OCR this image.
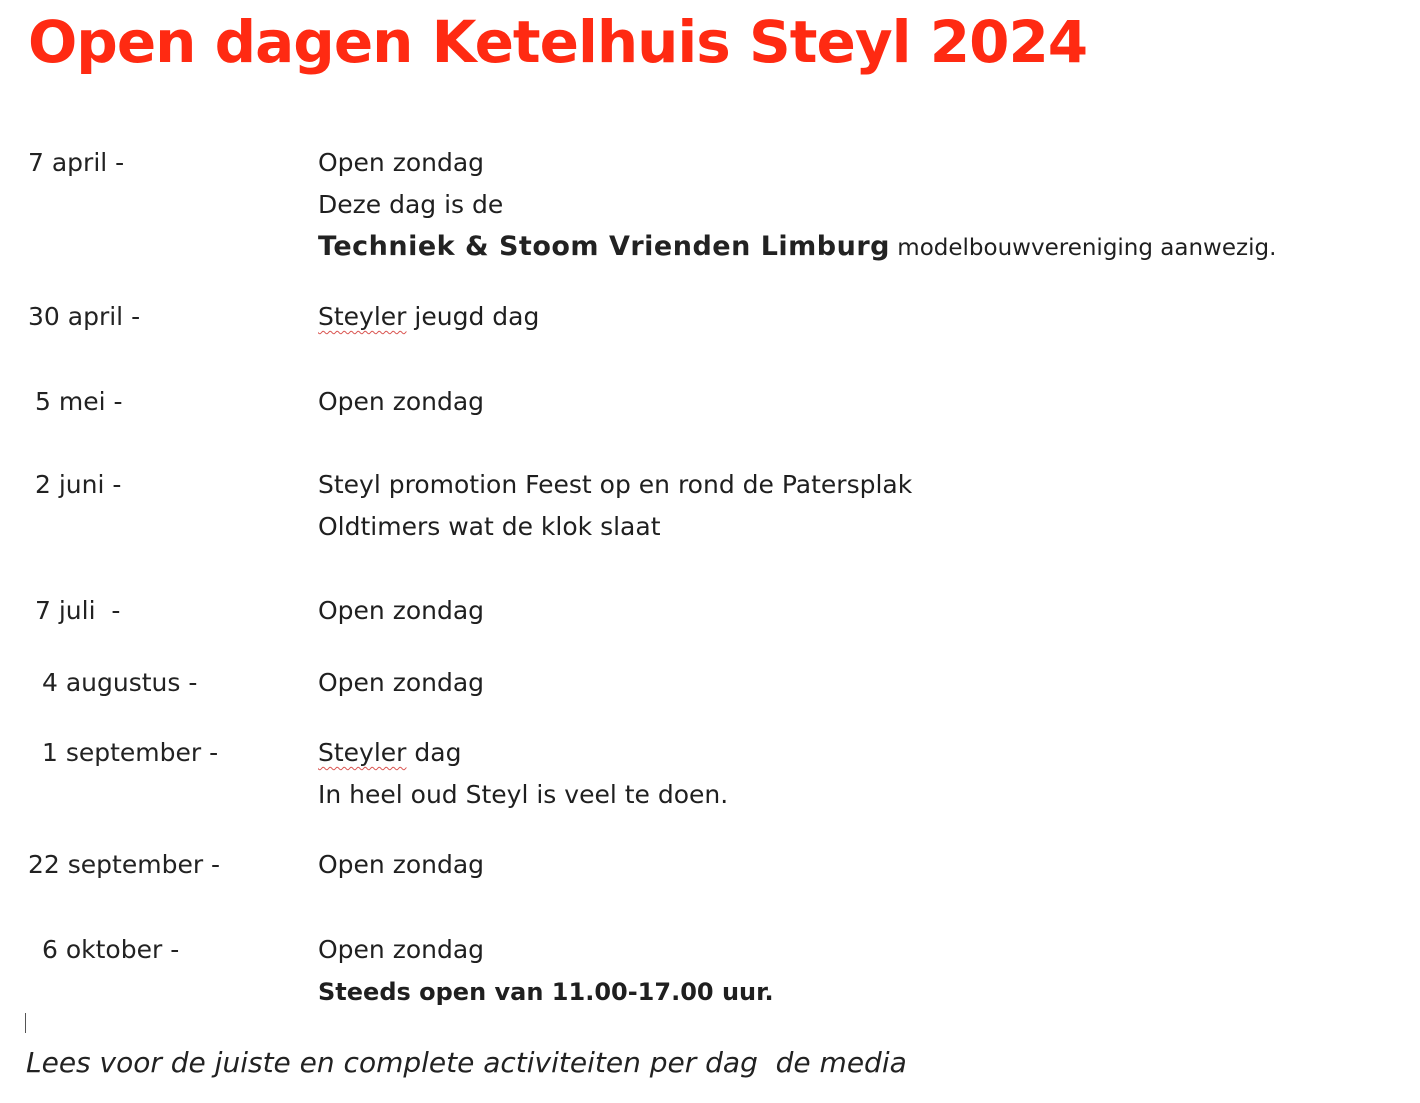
Open dagen Ketelhuis Steyl 2024
7 april -	Open zondag
Deze dag is de
Techniek & Stoom Vrienden Limburg modelbouwvereniging aanwezig.
30 april -	Steyler jeugd dag
5 mei -	Open zondag
2 juni -	Steyl promotion Feest op en rond de Patersplak
Oldtimers wat de klok slaat
7 juli  -	Open zondag
4 augustus -	Open zondag
1 september -	Steyler dag
In heel oud Steyl is veel te doen.
22 september -	Open zondag
6 oktober -	Open zondag
Steeds open van 11.00-17.00 uur.
Lees voor de juiste en complete activiteiten per dag  de media
